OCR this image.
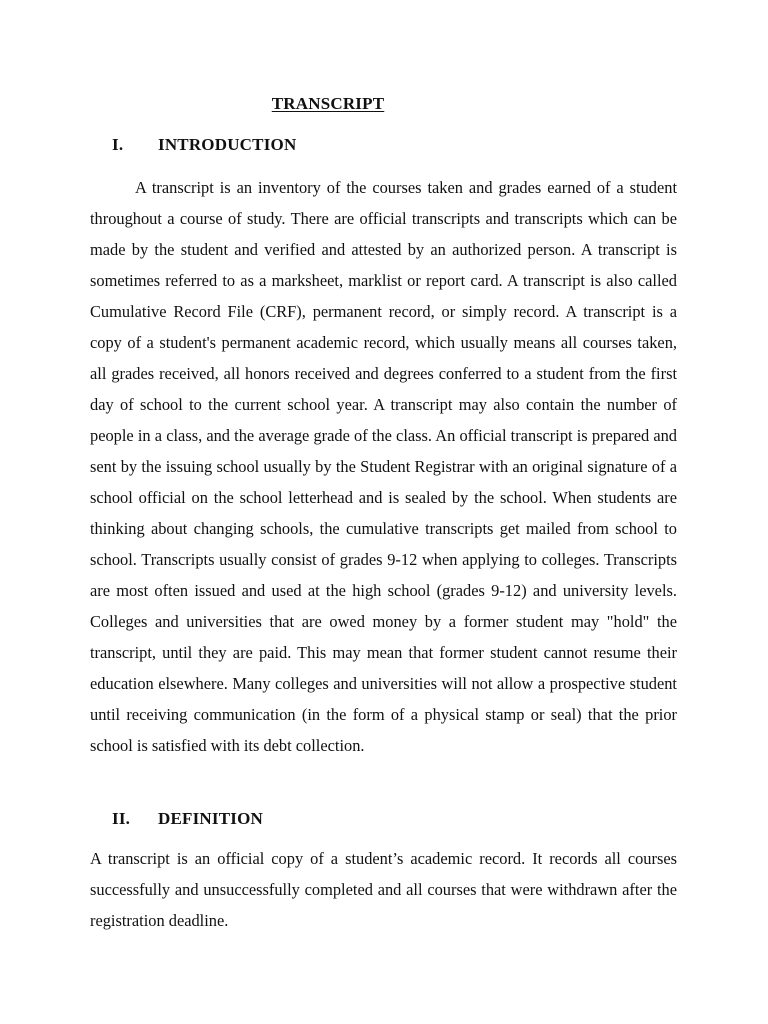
TRANSCRIPT
I. INTRODUCTION

A transcript is an inventory of the courses taken and grades earned of a student throughout a course of study. There are official transcripts and transcripts which can be made by the student and verified and attested by an authorized person. A transcript is sometimes referred to as a marksheet, marklist or report card. A transcript is also called Cumulative Record File (CRF), permanent record, or simply record. A transcript is a copy of a student's permanent academic record, which usually means all courses taken, all grades received, all honors received and degrees conferred to a student from the first day of school to the current school year. A transcript may also contain the number of people in a class, and the average grade of the class. An official transcript is prepared and sent by the issuing school usually by the Student Registrar with an original signature of a school official on the school letterhead and is sealed by the school. When students are thinking about changing schools, the cumulative transcripts get mailed from school to school. Transcripts usually consist of grades 9-12 when applying to colleges. Transcripts are most often issued and used at the high school (grades 9-12) and university levels. Colleges and universities that are owed money by a former student may "hold" the transcript, until they are paid. This may mean that former student cannot resume their education elsewhere. Many colleges and universities will not allow a prospective student until receiving communication (in the form of a physical stamp or seal) that the prior school is satisfied with its debt collection.

II. DEFINITION

A transcript is an official copy of a student’s academic record. It records all courses successfully and unsuccessfully completed and all courses that were withdrawn after the registration deadline.
